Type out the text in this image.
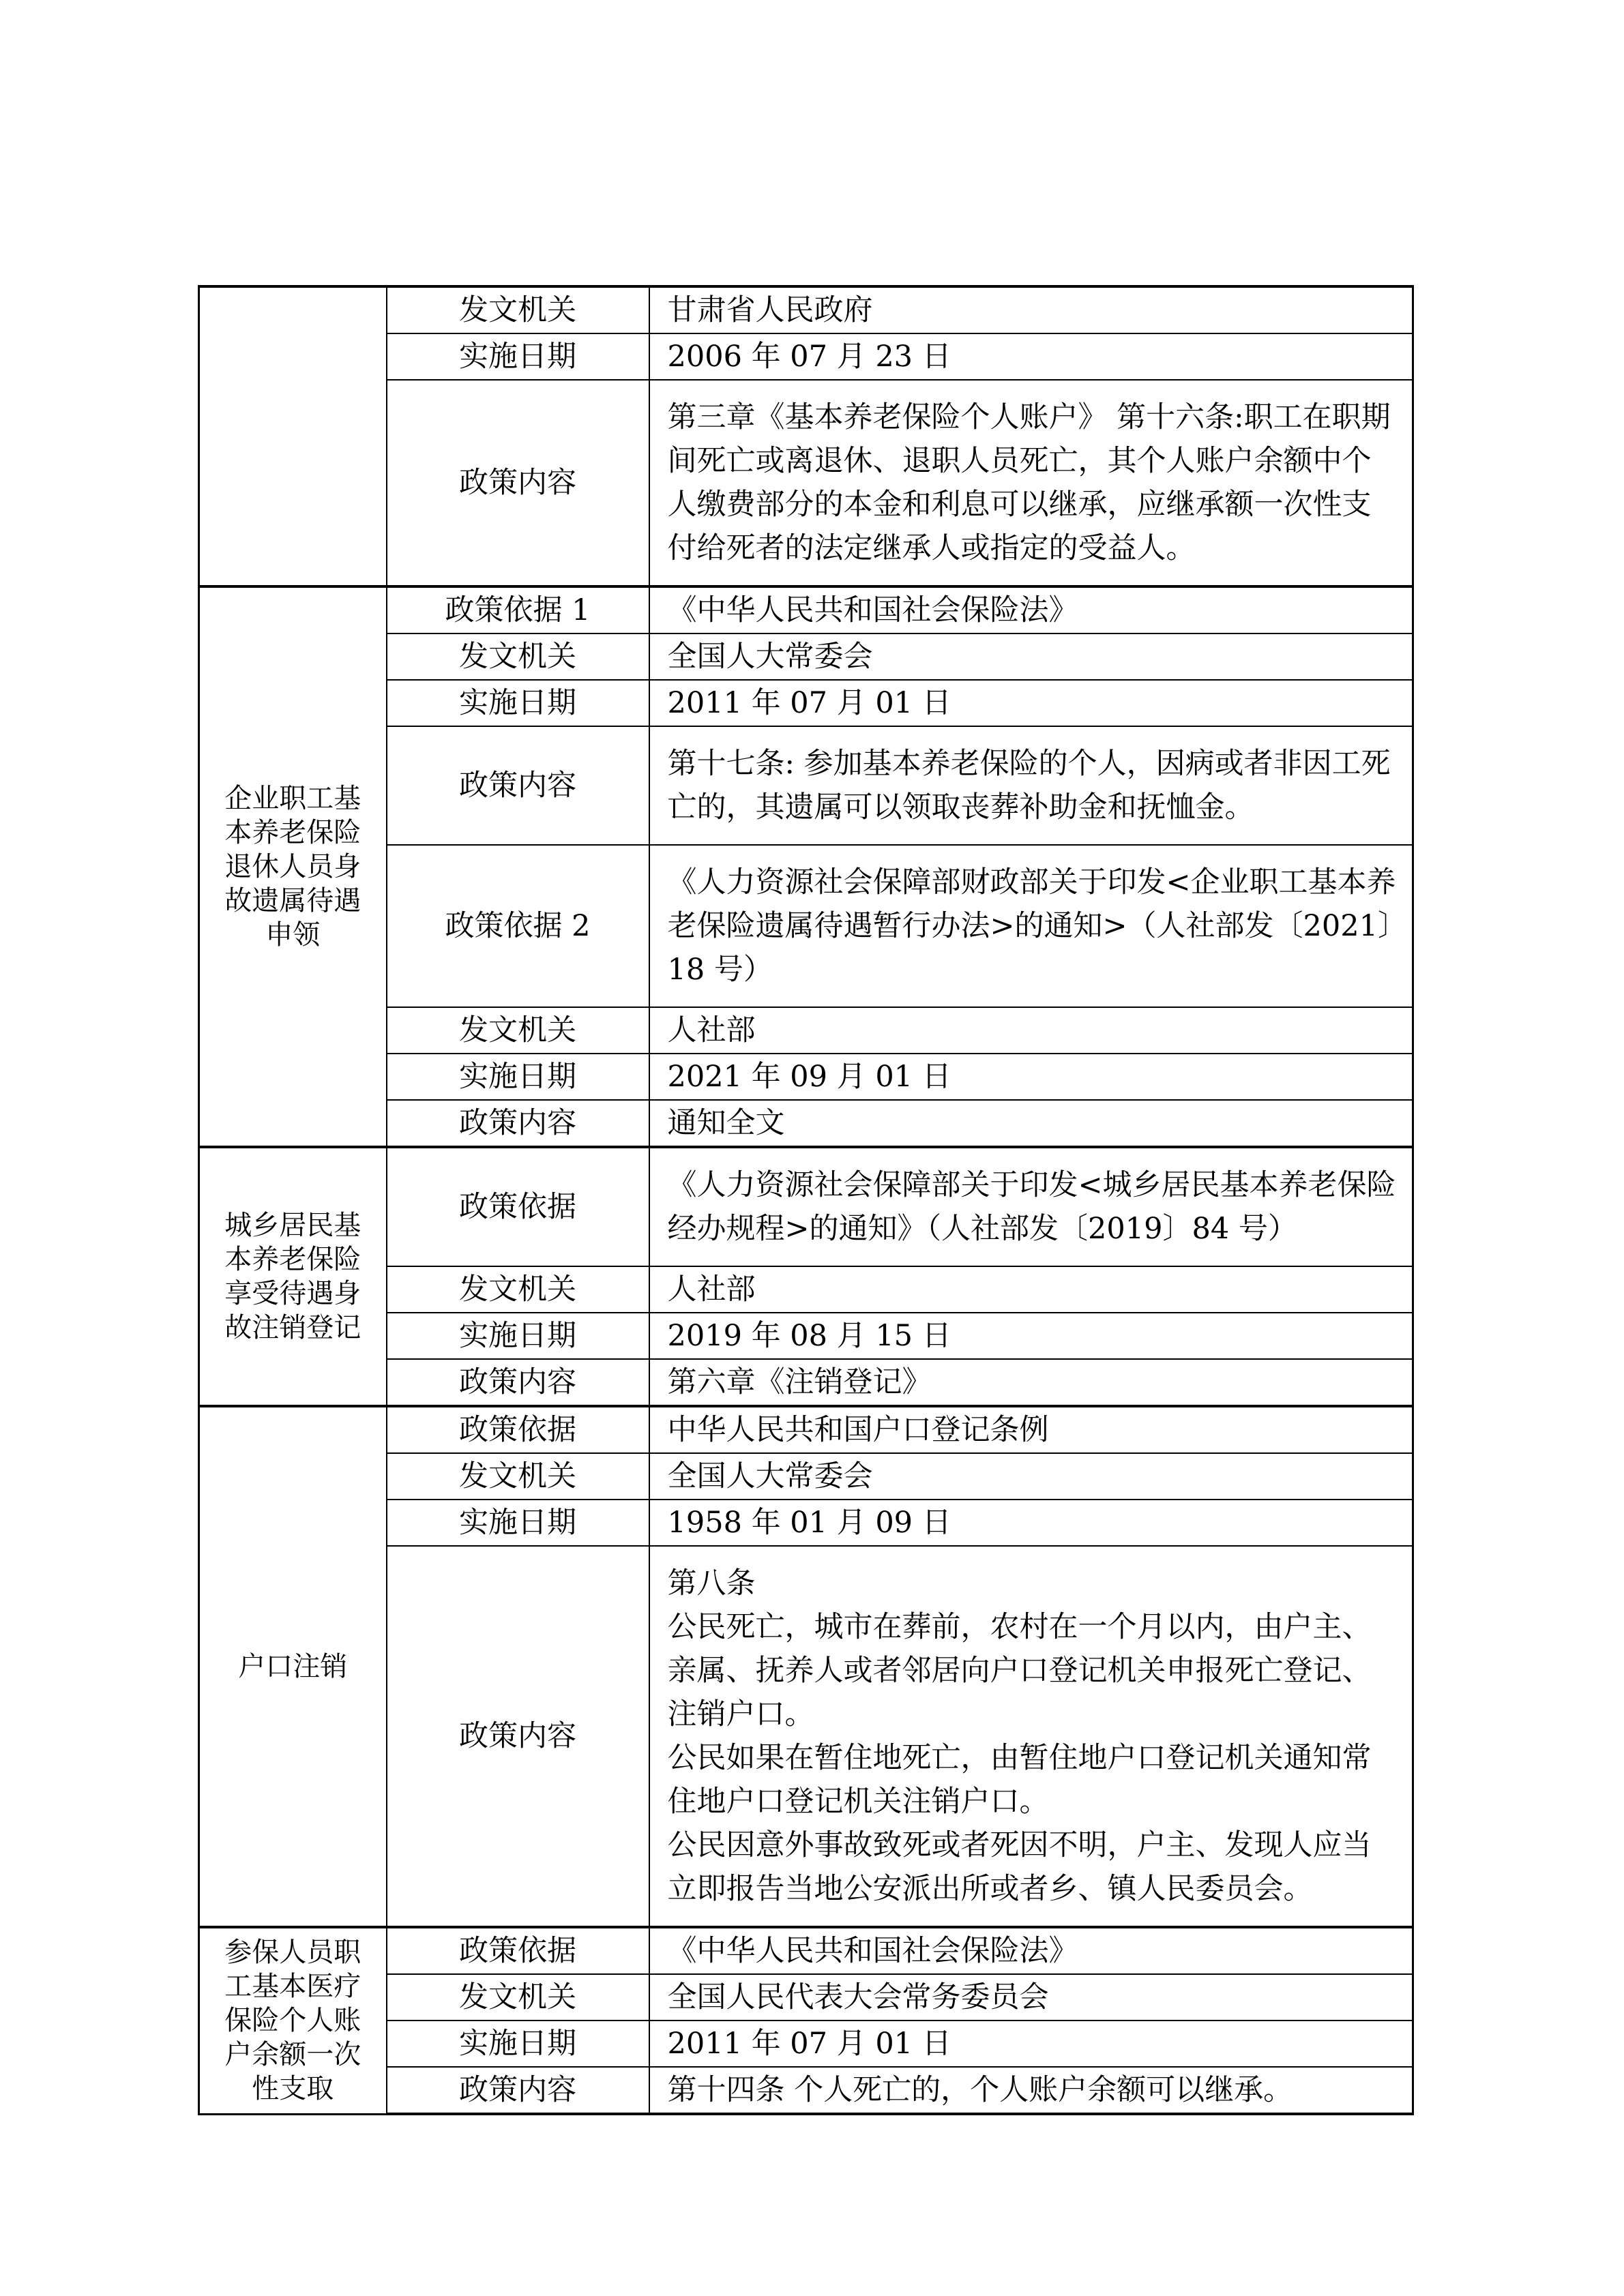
	发文机关	甘肃省人民政府

	实施日期	2006 年 07 月 23 日

	政策内容	第三章《基本养老保险个人账户》 第十六条:职工在职期间死亡或离退休、退职人员死亡，其个人账户余额中个人缴费部分的本金和利息可以继承，应继承额一次性支付给死者的法定继承人或指定的受益人。

企业职工基
本养老保险
退休人员身
故遗属待遇
申领	政策依据 1	《中华人民共和国社会保险法》

	发文机关	全国人大常委会

	实施日期	2011 年 07 月 01 日

	政策内容	第十七条: 参加基本养老保险的个人，因病或者非因工死亡的，其遗属可以领取丧葬补助金和抚恤金。

	政策依据 2	《人力资源社会保障部财政部关于印发<企业职工基本养老保险遗属待遇暂行办法>的通知>（人社部发〔2021〕18 号）

	发文机关	人社部

	实施日期	2021 年 09 月 01 日

	政策内容	通知全文

城乡居民基
本养老保险
享受待遇身
故注销登记	政策依据	《人力资源社会保障部关于印发<城乡居民基本养老保险经办规程>的通知》（人社部发〔2019〕84 号）

	发文机关	人社部

	实施日期	2019 年 08 月 15 日

	政策内容	第六章《注销登记》

户口注销	政策依据	中华人民共和国户口登记条例

	发文机关	全国人大常委会

	实施日期	1958 年 01 月 09 日

	政策内容	第八条
公民死亡，城市在葬前，农村在一个月以内，由户主、亲属、抚养人或者邻居向户口登记机关申报死亡登记、注销户口。
公民如果在暂住地死亡，由暂住地户口登记机关通知常住地户口登记机关注销户口。
公民因意外事故致死或者死因不明，户主、发现人应当立即报告当地公安派出所或者乡、镇人民委员会。

参保人员职
工基本医疗
保险个人账
户余额一次
性支取	政策依据	《中华人民共和国社会保险法》

	发文机关	全国人民代表大会常务委员会

	实施日期	2011 年 07 月 01 日

	政策内容	第十四条 个人死亡的，个人账户余额可以继承。
